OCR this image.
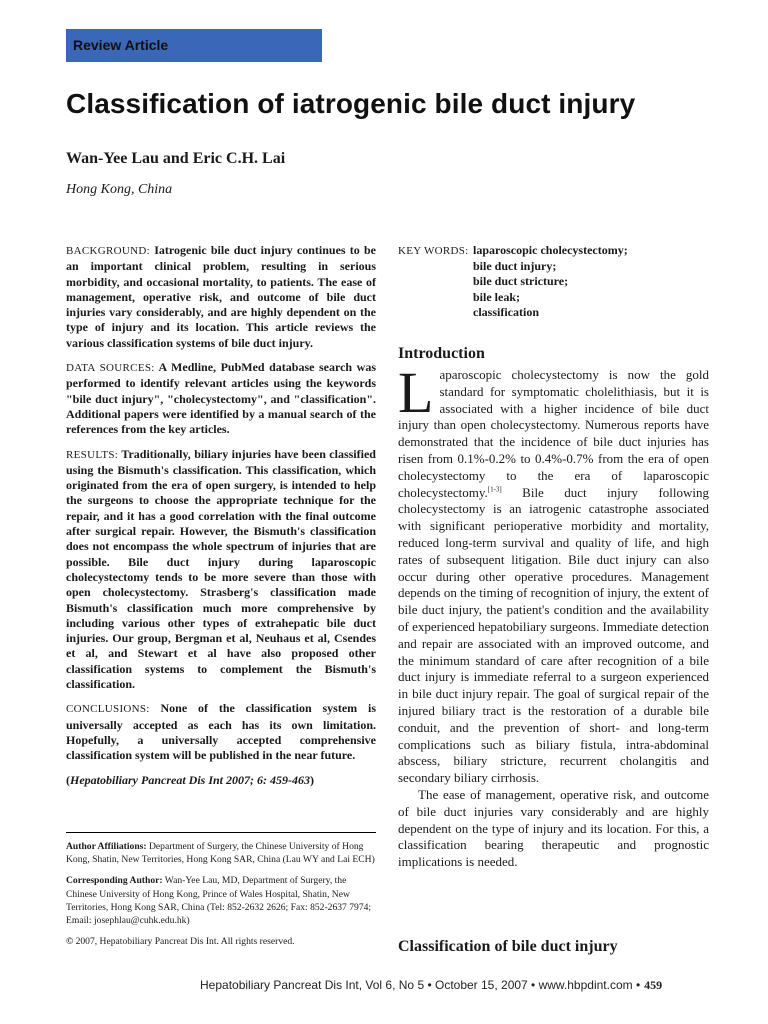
Review Article
Classification of iatrogenic bile duct injury
Wan-Yee Lau and Eric C.H. Lai
Hong Kong, China

BACKGROUND: Iatrogenic bile duct injury continues to be an important clinical problem, resulting in serious morbidity, and occasional mortality, to patients. The ease of management, operative risk, and outcome of bile duct injuries vary considerably, and are highly dependent on the type of injury and its location. This article reviews the various classification systems of bile duct injury.

DATA SOURCES: A Medline, PubMed database search was performed to identify relevant articles using the keywords "bile duct injury", "cholecystectomy", and "classification". Additional papers were identified by a manual search of the references from the key articles.

RESULTS: Traditionally, biliary injuries have been classified using the Bismuth's classification. This classification, which originated from the era of open surgery, is intended to help the surgeons to choose the appropriate technique for the repair, and it has a good correlation with the final outcome after surgical repair. However, the Bismuth's classification does not encompass the whole spectrum of injuries that are possible. Bile duct injury during laparoscopic cholecystectomy tends to be more severe than those with open cholecystectomy. Strasberg's classification made Bismuth's classification much more comprehensive by including various other types of extrahepatic bile duct injuries. Our group, Bergman et al, Neuhaus et al, Csendes et al, and Stewart et al have also proposed other classification systems to complement the Bismuth's classification.

CONCLUSIONS: None of the classification system is universally accepted as each has its own limitation. Hopefully, a universally accepted comprehensive classification system will be published in the near future.

(Hepatobiliary Pancreat Dis Int 2007; 6: 459-463)

Author Affiliations: Department of Surgery, the Chinese University of Hong Kong, Shatin, New Territories, Hong Kong SAR, China (Lau WY and Lai ECH)

Corresponding Author: Wan-Yee Lau, MD, Department of Surgery, the Chinese University of Hong Kong, Prince of Wales Hospital, Shatin, New Territories, Hong Kong SAR, China (Tel: 852-2632 2626; Fax: 852-2637 7974; Email: josephlau@cuhk.edu.hk)

© 2007, Hepatobiliary Pancreat Dis Int. All rights reserved.

KEY WORDS: laparoscopic cholecystectomy;
bile duct injury;
bile duct stricture;
bile leak;
classification
Introduction

Laparoscopic cholecystectomy is now the gold standard for symptomatic cholelithiasis, but it is associated with a higher incidence of bile duct injury than open cholecystectomy. Numerous reports have demonstrated that the incidence of bile duct injuries has risen from 0.1%-0.2% to 0.4%-0.7% from the era of open cholecystectomy to the era of laparoscopic cholecystectomy.[1-3] Bile duct injury following cholecystectomy is an iatrogenic catastrophe associated with significant perioperative morbidity and mortality, reduced long-term survival and quality of life, and high rates of subsequent litigation. Bile duct injury can also occur during other operative procedures. Management depends on the timing of recognition of injury, the extent of bile duct injury, the patient's condition and the availability of experienced hepatobiliary surgeons. Immediate detection and repair are associated with an improved outcome, and the minimum standard of care after recognition of a bile duct injury is immediate referral to a surgeon experienced in bile duct injury repair. The goal of surgical repair of the injured biliary tract is the restoration of a durable bile conduit, and the prevention of short- and long-term complications such as biliary fistula, intra-abdominal abscess, biliary stricture, recurrent cholangitis and secondary biliary cirrhosis.

The ease of management, operative risk, and outcome of bile duct injuries vary considerably and are highly dependent on the type of injury and its location. For this, a classification bearing therapeutic and prognostic implications is needed.

Classification of bile duct injury
Hepatobiliary Pancreat Dis Int, Vol 6, No 5 • October 15, 2007 • www.hbpdint.com • 459
